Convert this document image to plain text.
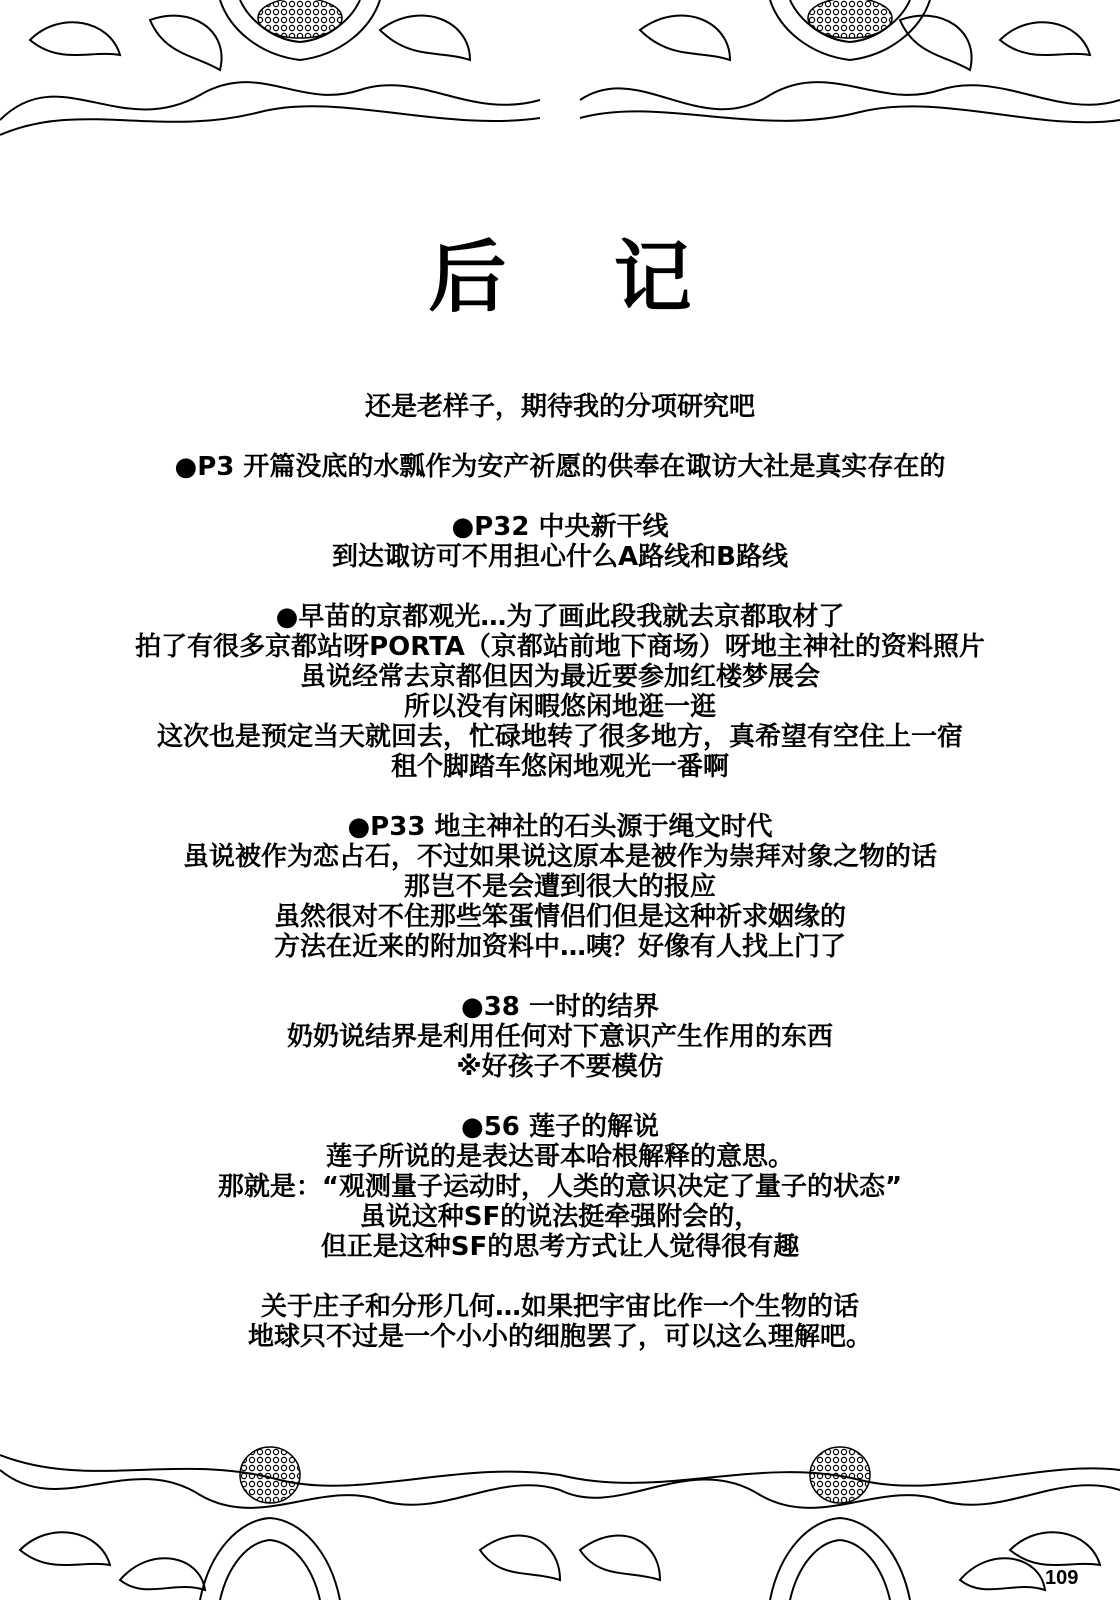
后 记
还是老样子，期待我的分项研究吧
●P3 开篇没底的水瓢作为安产祈愿的供奉在诹访大社是真实存在的
●P32 中央新干线
到达诹访可不用担心什么A路线和B路线
●早苗的京都观光…为了画此段我就去京都取材了
拍了有很多京都站呀PORTA（京都站前地下商场）呀地主神社的资料照片
虽说经常去京都但因为最近要参加红楼梦展会
所以没有闲暇悠闲地逛一逛
这次也是预定当天就回去，忙碌地转了很多地方，真希望有空住上一宿
租个脚踏车悠闲地观光一番啊
●P33 地主神社的石头源于绳文时代
虽说被作为恋占石，不过如果说这原本是被作为崇拜对象之物的话
那岂不是会遭到很大的报应
虽然很对不住那些笨蛋情侣们但是这种祈求姻缘的
方法在近来的附加资料中…咦？好像有人找上门了
●38 一时的结界
奶奶说结界是利用任何对下意识产生作用的东西
※好孩子不要模仿
●56 莲子的解说
莲子所说的是表达哥本哈根解释的意思。
那就是：“观测量子运动时，人类的意识决定了量子的状态”
虽说这种SF的说法挺牵强附会的，
但正是这种SF的思考方式让人觉得很有趣
关于庄子和分形几何…如果把宇宙比作一个生物的话
地球只不过是一个小小的细胞罢了，可以这么理解吧。
109
